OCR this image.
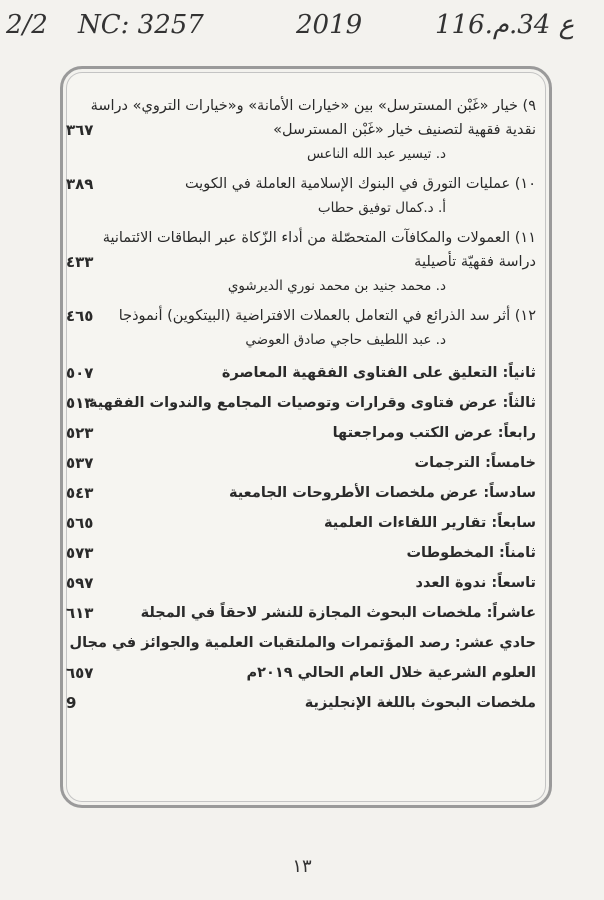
2/2 NC: 3257	2019	116.ع 34.م
٩) خيار «غَبْن المسترسل» بين «خيارات الأمانة» و«خيارات التروي» دراسة
نقدية فقهية لتصنيف خيار «غَبْن المسترسل»
٣٦٧
د. تيسير عبد الله الناعس
١٠) عمليات التورق في البنوك الإسلامية العاملة في الكويت
٣٨٩
أ. د.كمال توفيق حطاب
١١) العمولات والمكافآت المتحصّلة من أداء الزّكاة عبر البطاقات الائتمانية
دراسة فقهيّة تأصيلية
٤٣٣
د. محمد جنيد بن محمد نوري الديرشوي
١٢) أثر سد الذرائع في التعامل بالعملات الافتراضية (البيتكوين) أنموذجا
٤٦٥
د. عبد اللطيف حاجي صادق العوضي
ثانياً: التعليق على الفتاوى الفقهية المعاصرة
٥٠٧
ثالثاً: عرض فتاوى وقرارات وتوصيات المجامع والندوات الفقهية
٥١٣
رابعاً: عرض الكتب ومراجعتها
٥٢٣
خامساً: الترجمات
٥٣٧
سادساً: عرض ملخصات الأطروحات الجامعية
٥٤٣
سابعاً: تقارير اللقاءات العلمية
٥٦٥
ثامناً: المخطوطات
٥٧٣
تاسعاً: ندوة العدد
٥٩٧
عاشراً: ملخصات البحوث المجازة للنشر لاحقاً في المجلة
٦١٣
حادي عشر: رصد المؤتمرات والملتقيات العلمية والجوائز في مجال
العلوم الشرعية خلال العام الحالي ٢٠١٩م
٦٥٧
ملخصات البحوث باللغة الإنجليزية
9
١٣
